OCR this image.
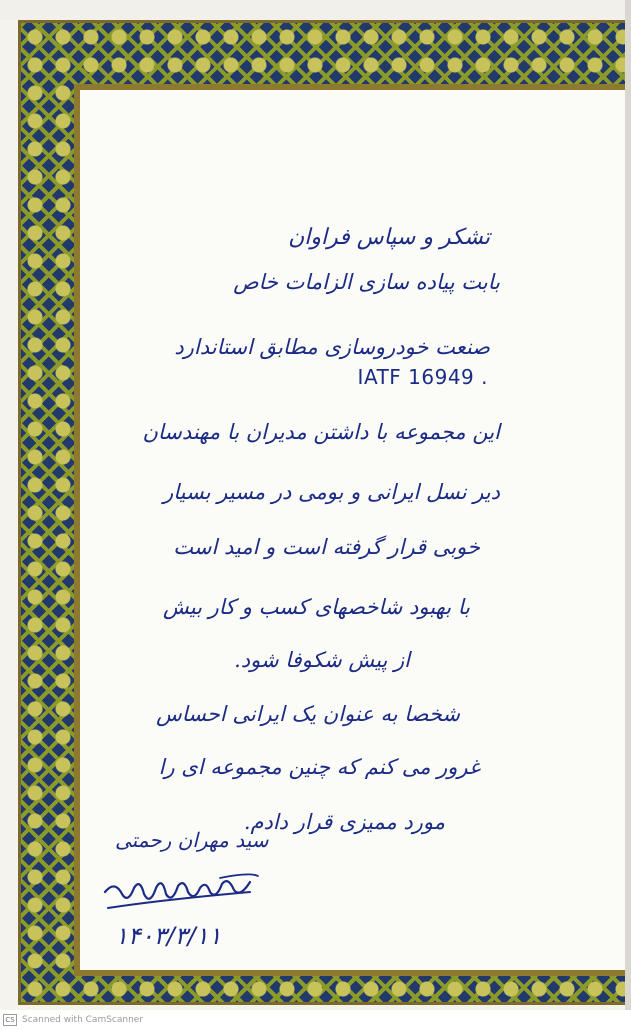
تشکر و سپاس فراوان
بابت پیاده سازی الزامات خاص
صنعت خودروسازی مطابق استاندارد
IATF 16949 .
این مجموعه با داشتن مدیران با مهندسان
دیر نسل ایرانی و بومی در مسیر بسیار
خوبی قرار گرفته است و امید است
با بهبود شاخصهای کسب و کار بیش
از پیش شکوفا شود.
شخصا به عنوان یک ایرانی احساس
غرور می کنم که چنین مجموعه ای را
مورد ممیزی قرار دادم.
سید مهران رحمتی
۱۴۰۳/۳/۱۱
CS Scanned with CamScanner
